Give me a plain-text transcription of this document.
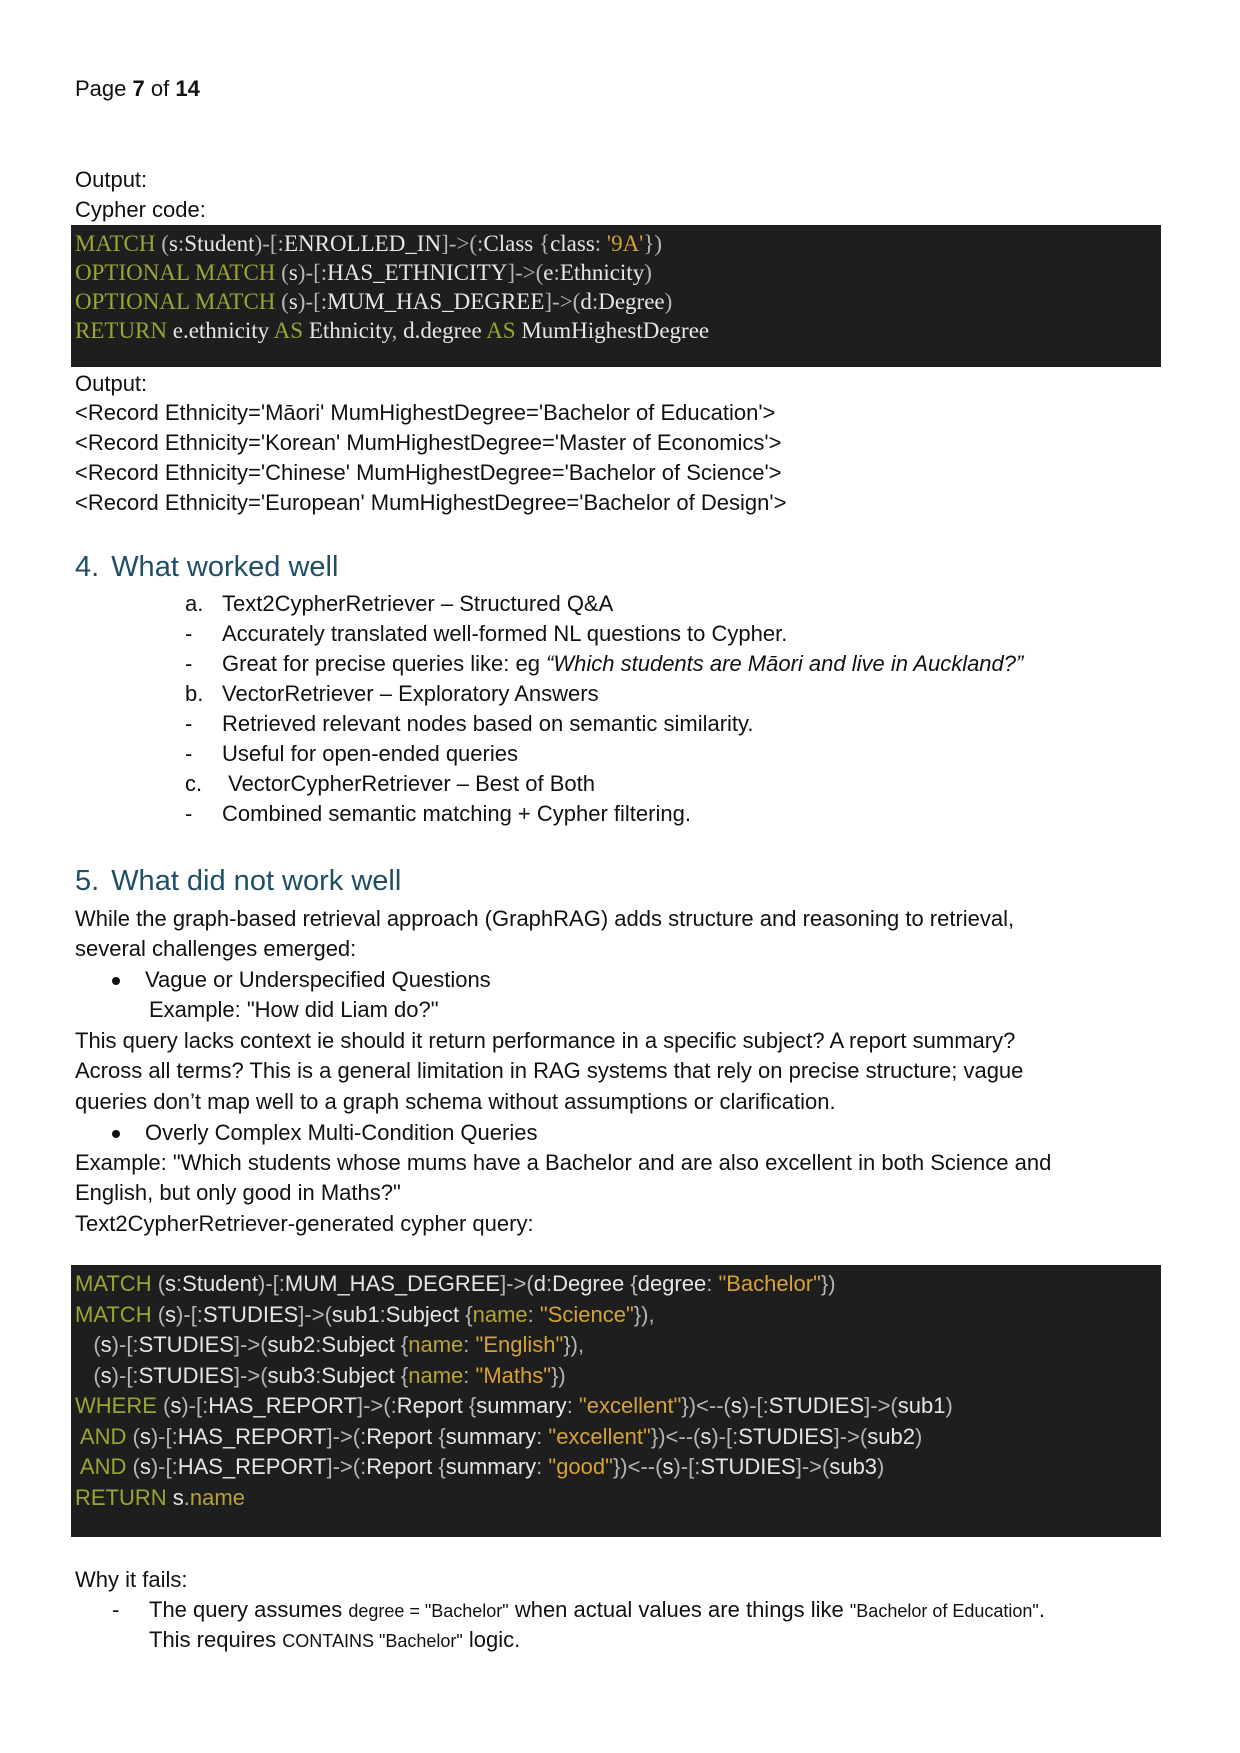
Page 7 of 14
Output:
Cypher code:
MATCH (s:Student)-[:ENROLLED_IN]->(:Class {class: '9A'})
OPTIONAL MATCH (s)-[:HAS_ETHNICITY]->(e:Ethnicity)
OPTIONAL MATCH (s)-[:MUM_HAS_DEGREE]->(d:Degree)
RETURN e.ethnicity AS Ethnicity, d.degree AS MumHighestDegree
Output:
<Record Ethnicity='Māori' MumHighestDegree='Bachelor of Education'>
<Record Ethnicity='Korean' MumHighestDegree='Master of Economics'>
<Record Ethnicity='Chinese' MumHighestDegree='Bachelor of Science'>
<Record Ethnicity='European' MumHighestDegree='Bachelor of Design'>
4. What worked well
a. Text2CypherRetriever – Structured Q&A
- Accurately translated well-formed NL questions to Cypher.
- Great for precise queries like: eg “Which students are Māori and live in Auckland?”
b. VectorRetriever – Exploratory Answers
- Retrieved relevant nodes based on semantic similarity.
- Useful for open-ended queries
c. VectorCypherRetriever – Best of Both
- Combined semantic matching + Cypher filtering.
5. What did not work well
While the graph-based retrieval approach (GraphRAG) adds structure and reasoning to retrieval,
several challenges emerged:
Vague or Underspecified Questions
Example: "How did Liam do?"
This query lacks context ie should it return performance in a specific subject? A report summary?
Across all terms? This is a general limitation in RAG systems that rely on precise structure; vague
queries don’t map well to a graph schema without assumptions or clarification.
Overly Complex Multi-Condition Queries
Example: "Which students whose mums have a Bachelor and are also excellent in both Science and
English, but only good in Maths?"
Text2CypherRetriever-generated cypher query:
MATCH (s:Student)-[:MUM_HAS_DEGREE]->(d:Degree {degree: "Bachelor"})
MATCH (s)-[:STUDIES]->(sub1:Subject {name: "Science"}),
(s)-[:STUDIES]->(sub2:Subject {name: "English"}),
(s)-[:STUDIES]->(sub3:Subject {name: "Maths"})
WHERE (s)-[:HAS_REPORT]->(:Report {summary: "excellent"})<--(s)-[:STUDIES]->(sub1)
AND (s)-[:HAS_REPORT]->(:Report {summary: "excellent"})<--(s)-[:STUDIES]->(sub2)
AND (s)-[:HAS_REPORT]->(:Report {summary: "good"})<--(s)-[:STUDIES]->(sub3)
RETURN s.name
Why it fails:
- The query assumes degree = "Bachelor" when actual values are things like "Bachelor of Education".
This requires CONTAINS "Bachelor" logic.
